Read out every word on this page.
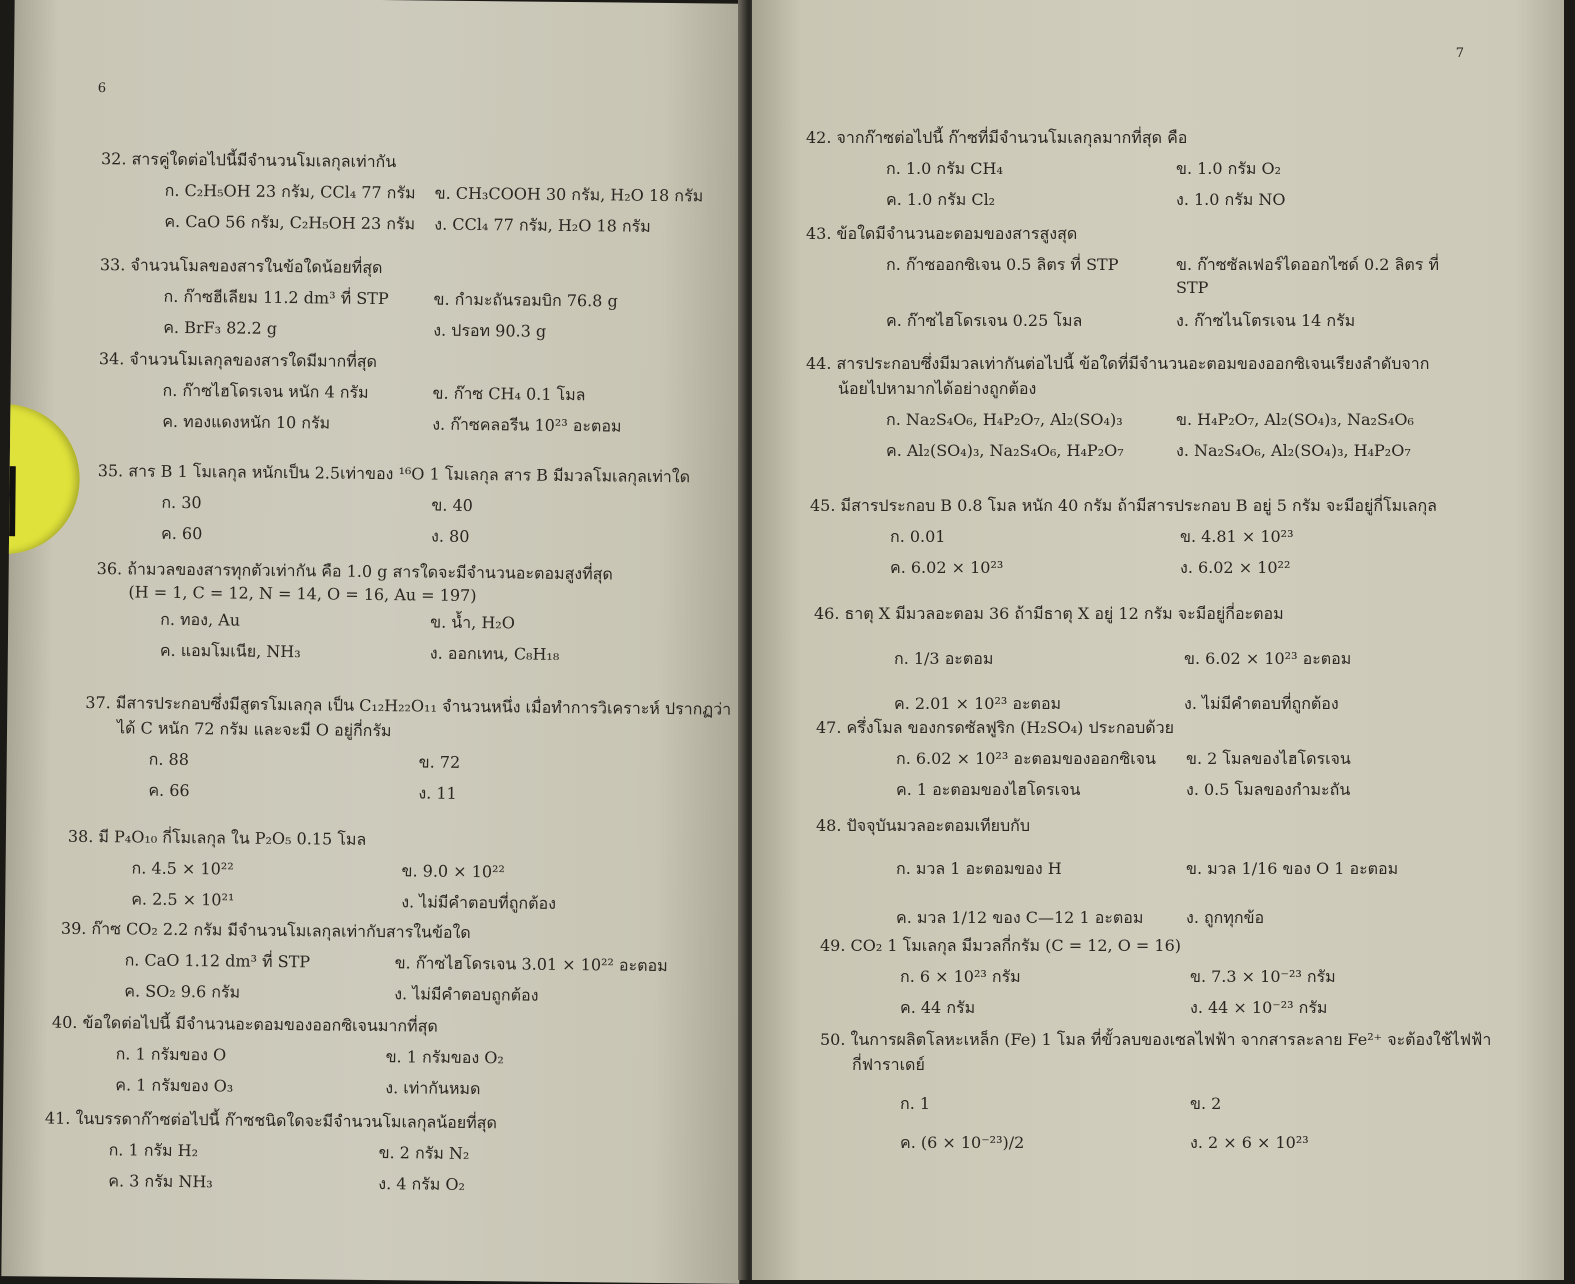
6
32. สารคู่ใดต่อไปนี้มีจำนวนโมเลกุลเท่ากัน
ก. C₂H₅OH 23 กรัม, CCl₄ 77 กรัม	ข. CH₃COOH 30 กรัม, H₂O 18 กรัม
ค. CaO 56 กรัม, C₂H₅OH 23 กรัม	ง. CCl₄ 77 กรัม, H₂O 18 กรัม
33. จำนวนโมลของสารในข้อใดน้อยที่สุด
ก. ก๊าซฮีเลียม 11.2 dm³ ที่ STP	ข. กำมะถันรอมบิก 76.8 g
ค. BrF₃ 82.2 g	ง. ปรอท 90.3 g
34. จำนวนโมเลกุลของสารใดมีมากที่สุด
ก. ก๊าซไฮโดรเจน หนัก 4 กรัม	ข. ก๊าซ CH₄ 0.1 โมล
ค. ทองแดงหนัก 10 กรัม	ง. ก๊าซคลอรีน 10²³ อะตอม
35. สาร B 1 โมเลกุล หนักเป็น 2.5เท่าของ ¹⁶O 1 โมเลกุล สาร B มีมวลโมเลกุลเท่าใด
ก. 30	ข. 40
ค. 60	ง. 80
36. ถ้ามวลของสารทุกตัวเท่ากัน คือ 1.0 g สารใดจะมีจำนวนอะตอมสูงที่สุด
(H = 1, C = 12, N = 14, O = 16, Au = 197)
ก. ทอง, Au	ข. น้ำ, H₂O
ค. แอมโมเนีย, NH₃	ง. ออกเทน, C₈H₁₈
37. มีสารประกอบซึ่งมีสูตรโมเลกุล เป็น C₁₂H₂₂O₁₁ จำนวนหนึ่ง เมื่อทำการวิเคราะห์ ปรากฏว่า
ได้ C หนัก 72 กรัม และจะมี O อยู่กี่กรัม
ก. 88	ข. 72
ค. 66	ง. 11
38. มี P₄O₁₀ กี่โมเลกุล ใน P₂O₅ 0.15 โมล
ก. 4.5 × 10²²	ข. 9.0 × 10²²
ค. 2.5 × 10²¹	ง. ไม่มีคำตอบที่ถูกต้อง
39. ก๊าซ CO₂ 2.2 กรัม มีจำนวนโมเลกุลเท่ากับสารในข้อใด
ก. CaO 1.12 dm³ ที่ STP	ข. ก๊าซไฮโดรเจน 3.01 × 10²² อะตอม
ค. SO₂ 9.6 กรัม	ง. ไม่มีคำตอบถูกต้อง
40. ข้อใดต่อไปนี้ มีจำนวนอะตอมของออกซิเจนมากที่สุด
ก. 1 กรัมของ O	ข. 1 กรัมของ O₂
ค. 1 กรัมของ O₃	ง. เท่ากันหมด
41. ในบรรดาก๊าซต่อไปนี้ ก๊าซชนิดใดจะมีจำนวนโมเลกุลน้อยที่สุด
ก. 1 กรัม H₂	ข. 2 กรัม N₂
ค. 3 กรัม NH₃	ง. 4 กรัม O₂
7
42. จากก๊าซต่อไปนี้ ก๊าซที่มีจำนวนโมเลกุลมากที่สุด คือ
ก. 1.0 กรัม CH₄	ข. 1.0 กรัม O₂
ค. 1.0 กรัม Cl₂	ง. 1.0 กรัม NO
43. ข้อใดมีจำนวนอะตอมของสารสูงสุด
ก. ก๊าซออกซิเจน 0.5 ลิตร ที่ STP	ข. ก๊าซซัลเฟอร์ไดออกไซด์ 0.2 ลิตร ที่ STP
ค. ก๊าซไฮโดรเจน 0.25 โมล	ง. ก๊าซไนโตรเจน 14 กรัม
44. สารประกอบซึ่งมีมวลเท่ากันต่อไปนี้ ข้อใดที่มีจำนวนอะตอมของออกซิเจนเรียงลำดับจาก
น้อยไปหามากได้อย่างถูกต้อง
ก. Na₂S₄O₆, H₄P₂O₇, Al₂(SO₄)₃	ข. H₄P₂O₇, Al₂(SO₄)₃, Na₂S₄O₆
ค. Al₂(SO₄)₃, Na₂S₄O₆, H₄P₂O₇	ง. Na₂S₄O₆, Al₂(SO₄)₃, H₄P₂O₇
45. มีสารประกอบ B 0.8 โมล หนัก 40 กรัม ถ้ามีสารประกอบ B อยู่ 5 กรัม จะมีอยู่กี่โมเลกุล
ก. 0.01	ข. 4.81 × 10²³
ค. 6.02 × 10²³	ง. 6.02 × 10²²
46. ธาตุ X มีมวลอะตอม 36 ถ้ามีธาตุ X อยู่ 12 กรัม จะมีอยู่กี่อะตอม
ก. 1/3 อะตอม	ข. 6.02 × 10²³ อะตอม
ค. 2.01 × 10²³ อะตอม	ง. ไม่มีคำตอบที่ถูกต้อง
47. ครึ่งโมล ของกรดซัลฟูริก (H₂SO₄) ประกอบด้วย
ก. 6.02 × 10²³ อะตอมของออกซิเจน	ข. 2 โมลของไฮโดรเจน
ค. 1 อะตอมของไฮโดรเจน	ง. 0.5 โมลของกำมะถัน
48. ปัจจุบันมวลอะตอมเทียบกับ
ก. มวล 1 อะตอมของ H	ข. มวล 1/16 ของ O 1 อะตอม
ค. มวล 1/12 ของ C—12 1 อะตอม	ง. ถูกทุกข้อ
49. CO₂ 1 โมเลกุล มีมวลกี่กรัม (C = 12, O = 16)
ก. 6 × 10²³ กรัม	ข. 7.3 × 10⁻²³ กรัม
ค. 44 กรัม	ง. 44 × 10⁻²³ กรัม
50. ในการผลิตโลหะเหล็ก (Fe) 1 โมล ที่ขั้วลบของเซลไฟฟ้า จากสารละลาย Fe²⁺ จะต้องใช้ไฟฟ้า
กี่ฟาราเดย์
ก. 1	ข. 2
ค. (6 × 10⁻²³)/2	ง. 2 × 6 × 10²³
